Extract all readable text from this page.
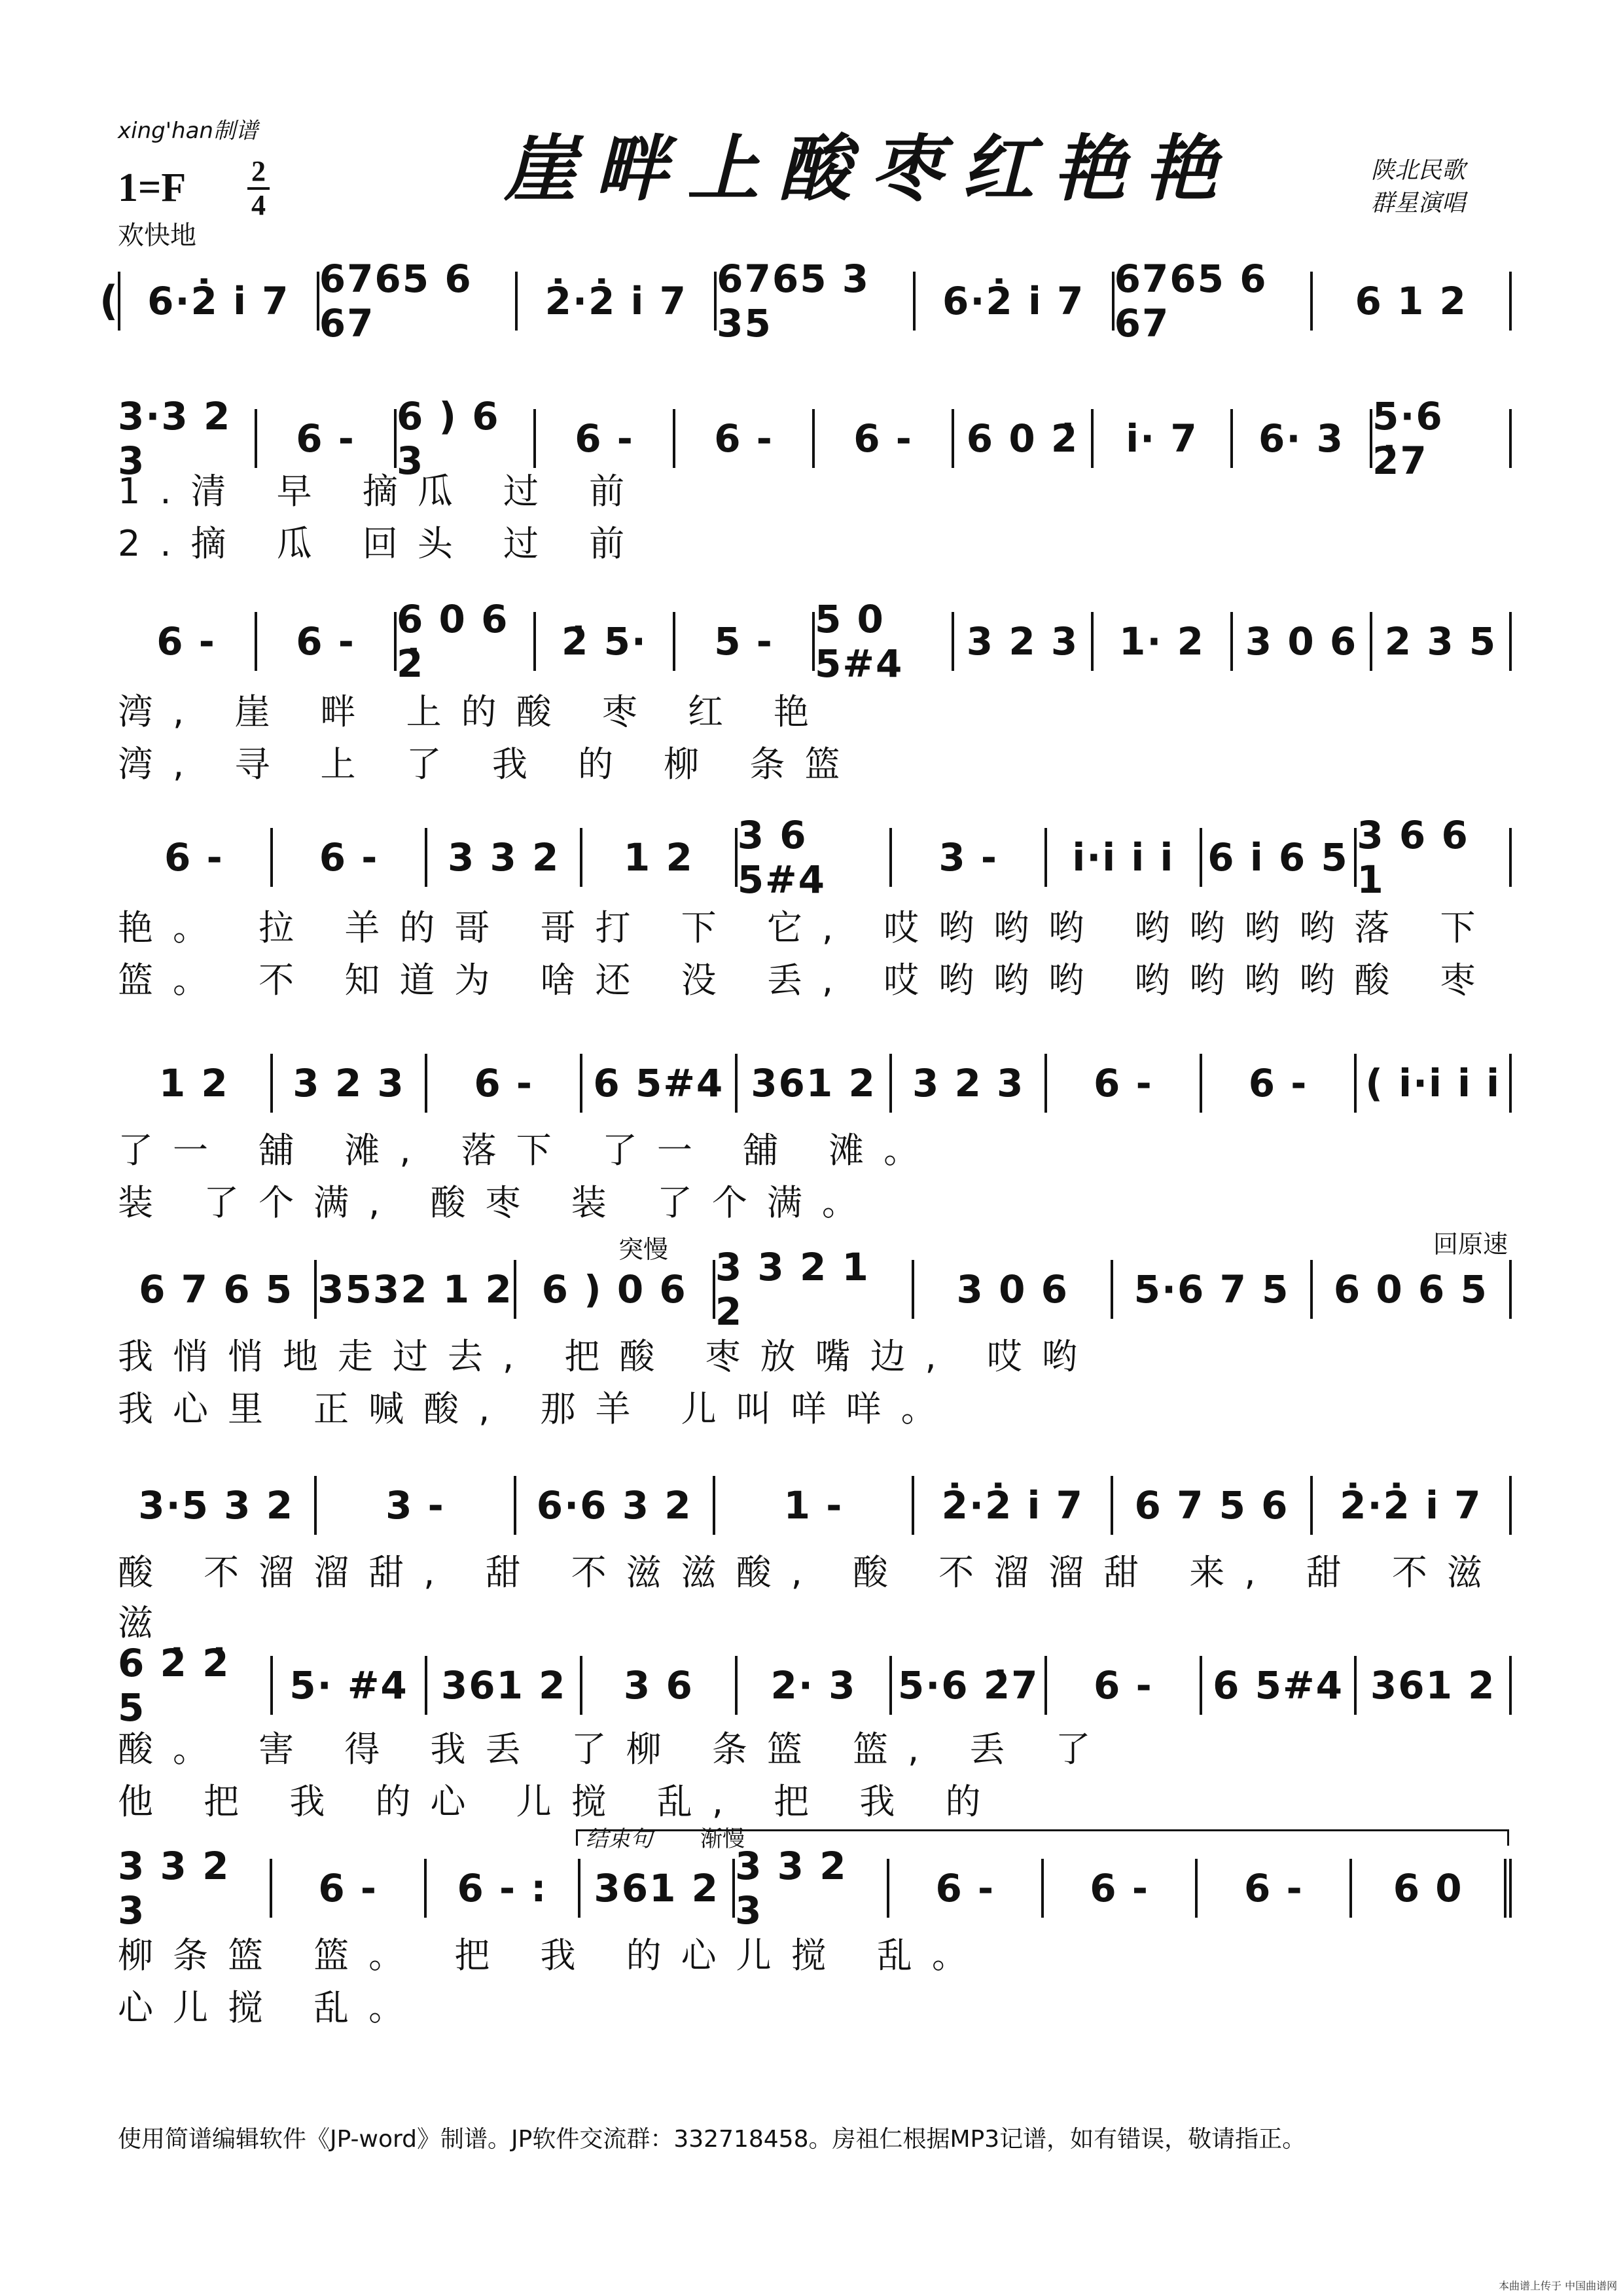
xing'han制谱	崖畔上酸枣红艳艳	陕北民歌
群星演唱
1=F	2
4
欢快地
( 6·2̇ i̇ 7 6765 6 67	2̇·2̇ i̇ 7 6765 3 35	6·2̇ i̇ 7 6765 6 67	6 1 2
3·3 2 3	6 -	6 ) 6 3	6 -	6 -	6 -	6 0 2̇	i̇· 7	6· 3 5·6 2̇7
1.清 早 摘瓜 过 前
2.摘 瓜 回头 过 前
6 -	6 -	6 0 6 2̇	2̇ 5·	5 -	5 0 5#4	3 2 3	1· 2	3 0 6 2 3 5
湾, 崖 畔 上的酸 枣 红 艳
湾, 寻 上 了 我 的 柳 条篮
6 -	6 -	3 3 2	1 2	3 6 5#4	3 -	i̇·i̇ i̇ i̇ 6 i̇ 6 5 3 6 6 1
艳。 拉 羊的哥 哥打 下 它, 哎哟哟哟 哟哟哟哟落 下
篮。 不 知道为 啥还 没 丢, 哎哟哟哟 哟哟哟哟酸 枣
1 2	3 2 3	6 -	6 5#4 361 2 3 2 3	6 -	6 -	( i̇·i̇ i̇ i̇
了一 舖 滩, 落下 了一 舖 滩。
装 了个满, 酸枣 装 了个满。
突慢	回原速
6 7 6 5 3532 1 2 6 ) 0 6 3 3 2 1 2	3 0 6	5·6 7 5	6 0 6 5
我悄悄地走过去, 把酸 枣放嘴边, 哎哟
我心里 正喊酸, 那羊 儿叫咩咩。
3·5 3 2	3 -	6·6 3 2	1 -	2̇·2̇ i̇ 7	6 7 5 6	2̇·2̇ i̇ 7
酸 不溜溜甜, 甜 不滋滋酸, 酸 不溜溜甜 来, 甜 不滋滋
6 2̇ 2̇ 5	5· #4 361 2	3 6	2· 3	5·6 2̇7	6 -	6 5#4 361 2
酸。 害 得 我丢 了柳 条篮 篮, 丢 了
他 把 我 的心 儿搅 乱, 把 我 的
结束句 渐慢
3 3 2 3	6 -	6 - :	361 2 3 3 2 3	6 -	6 -	6 -	6 0
柳条篮 篮。 把 我 的心儿搅 乱。
心儿搅 乱。
使用简谱编辑软件《JP-word》制谱。JP软件交流群：332718458。房祖仁根据MP3记谱，如有错误，敬请指正。
本曲谱上传于 中国曲谱网
